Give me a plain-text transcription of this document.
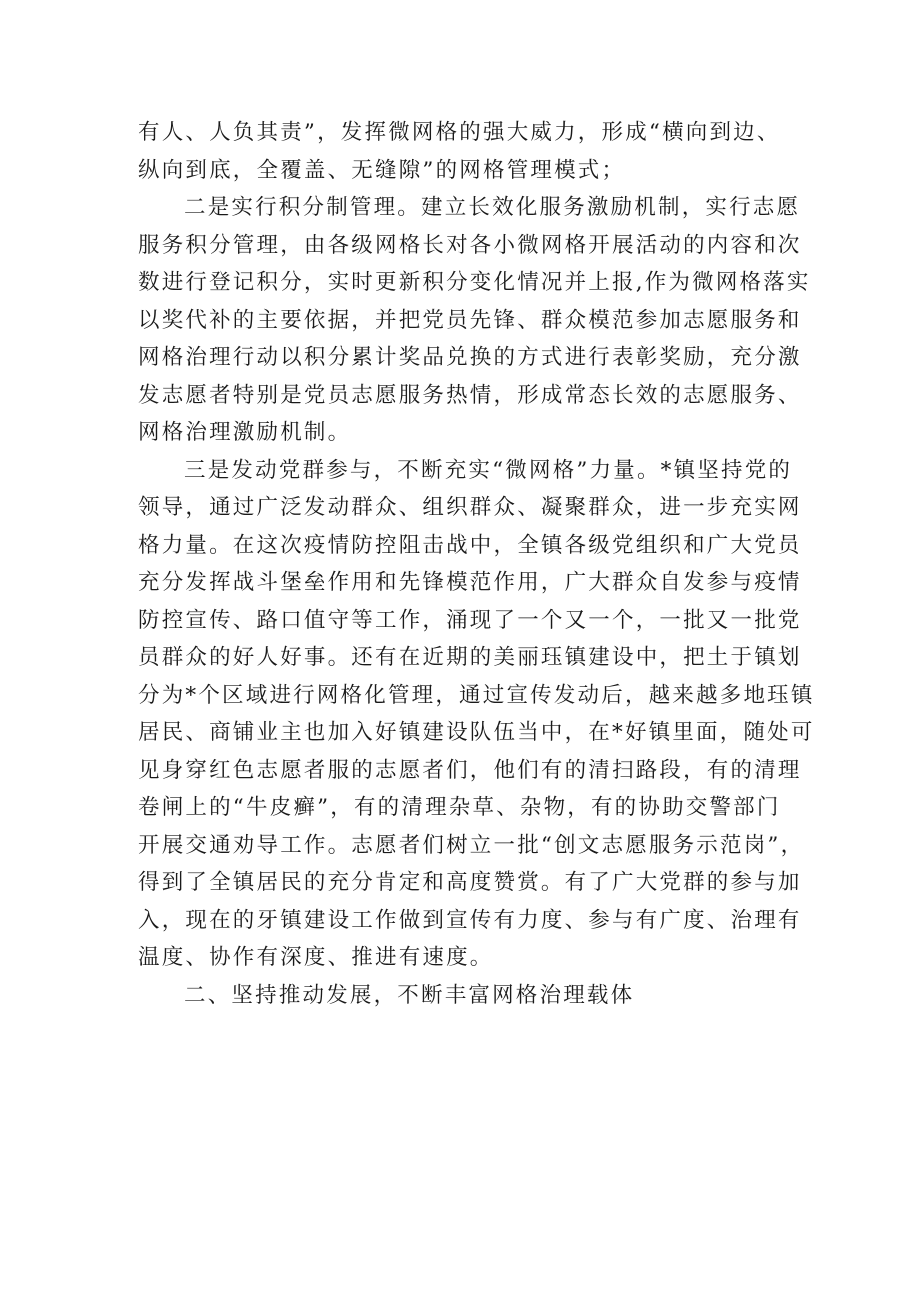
有人、人负其责”，发挥微网格的强大威力，形成“横向到边、
纵向到底，全覆盖、无缝隙”的网格管理模式；
二是实行积分制管理。建立长效化服务激励机制，实行志愿
服务积分管理，由各级网格长对各小微网格开展活动的内容和次
数进行登记积分，实时更新积分变化情况并上报,作为微网格落实
以奖代补的主要依据，并把党员先锋、群众模范参加志愿服务和
网格治理行动以积分累计奖品兑换的方式进行表彰奖励，充分激
发志愿者特别是党员志愿服务热情，形成常态长效的志愿服务、
网格治理激励机制。
三是发动党群参与，不断充实“微网格”力量。*镇坚持党的
领导，通过广泛发动群众、组织群众、凝聚群众，进一步充实网
格力量。在这次疫情防控阻击战中，全镇各级党组织和广大党员
充分发挥战斗堡垒作用和先锋模范作用，广大群众自发参与疫情
防控宣传、路口值守等工作，涌现了一个又一个，一批又一批党
员群众的好人好事。还有在近期的美丽珏镇建设中，把土于镇划
分为*个区域进行网格化管理，通过宣传发动后，越来越多地珏镇
居民、商铺业主也加入好镇建设队伍当中，在*好镇里面，随处可
见身穿红色志愿者服的志愿者们，他们有的清扫路段，有的清理
卷闸上的“牛皮癣”，有的清理杂草、杂物，有的协助交警部门
开展交通劝导工作。志愿者们树立一批“创文志愿服务示范岗”，
得到了全镇居民的充分肯定和高度赞赏。有了广大党群的参与加
入，现在的牙镇建设工作做到宣传有力度、参与有广度、治理有
温度、协作有深度、推进有速度。
二、坚持推动发展，不断丰富网格治理载体
